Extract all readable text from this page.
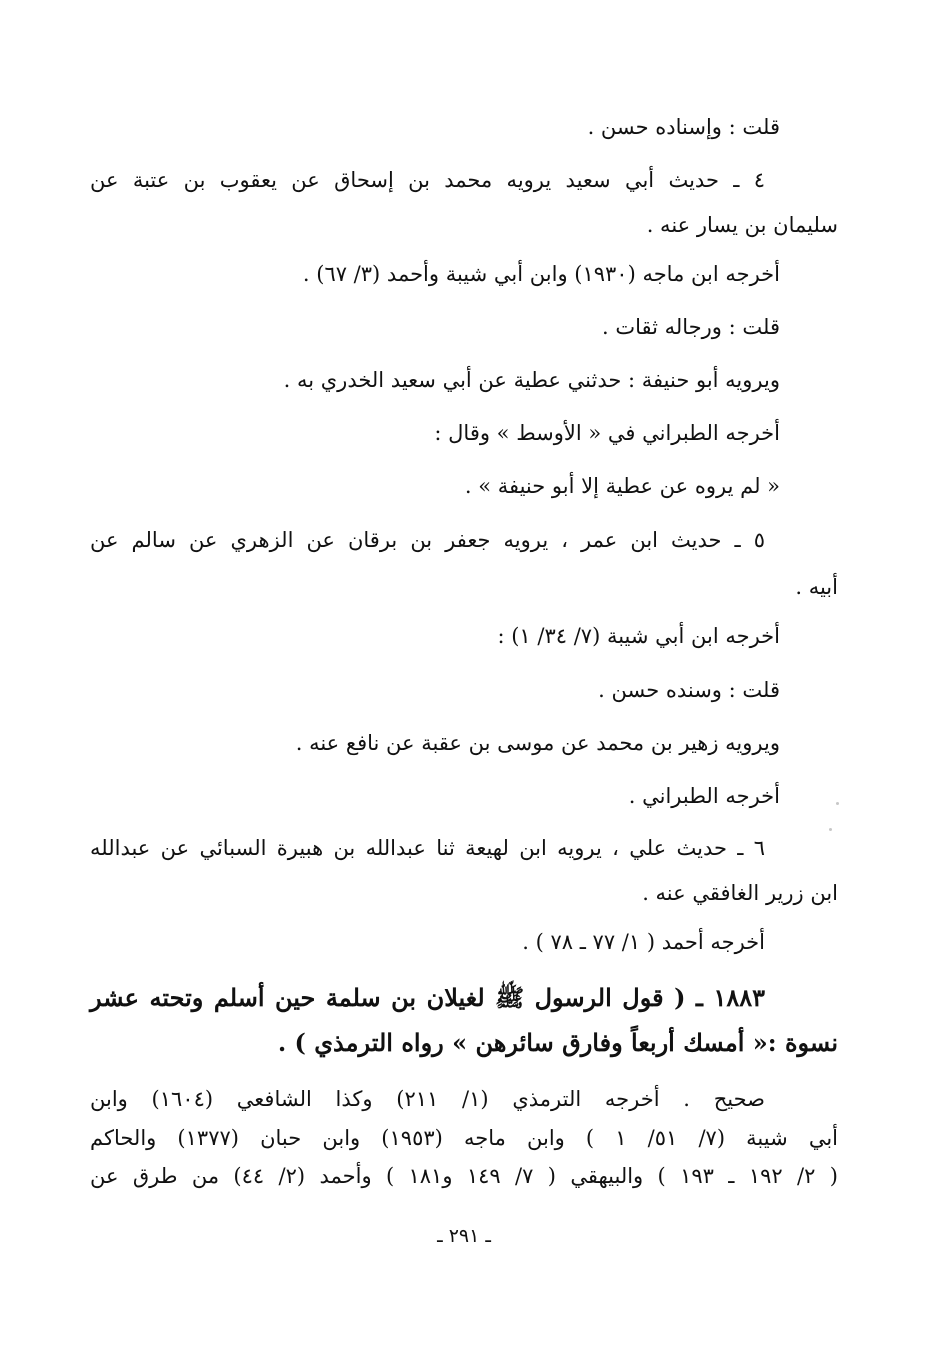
قلت : وإسناده حسن .
٤ ـ حديث أبي سعيد يرويه محمد بن إسحاق عن يعقوب بن عتبة عن
سليمان بن يسار عنه .
أخرجه ابن ماجه (١٩٣٠) وابن أبي شيبة وأحمد (٣/ ٦٧) .
قلت : ورجاله ثقات .
ويرويه أبو حنيفة : حدثني عطية عن أبي سعيد الخدري به .
أخرجه الطبراني في « الأوسط » وقال :
« لم يروه عن عطية إلا أبو حنيفة » .
٥ ـ حديث ابن عمر ، يرويه جعفر بن برقان عن الزهري عن سالم عن
أبيه .
أخرجه ابن أبي شيبة (٧/ ٣٤/ ١) :
قلت : وسنده حسن .
ويرويه زهير بن محمد عن موسى بن عقبة عن نافع عنه .
أخرجه الطبراني .
٦ ـ حديث علي ، يرويه ابن لهيعة ثنا عبدالله بن هبيرة السبائي عن عبدالله
ابن زرير الغافقي عنه .
أخرجه أحمد ( ١/ ٧٧ ـ ٧٨ ) .
١٨٨٣ ـ ( قول الرسول ﷺ لغيلان بن سلمة حين أسلم وتحته عشر
نسوة :« أمسك أربعاً وفارق سائرهن » رواه الترمذي ) .
صحيح . أخرجه الترمذي (١/ ٢١١) وكذا الشافعي (١٦٠٤) وابن
أبي شيبة (٧/ ٥١/ ١ ) وابن ماجه (١٩٥٣) وابن حبان (١٣٧٧) والحاكم
( ٢/ ١٩٢ ـ ١٩٣ ) والبيهقي ( ٧/ ١٤٩ و١٨١ ) وأحمد (٢/ ٤٤) من طرق عن
ـ ٢٩١ ـ
